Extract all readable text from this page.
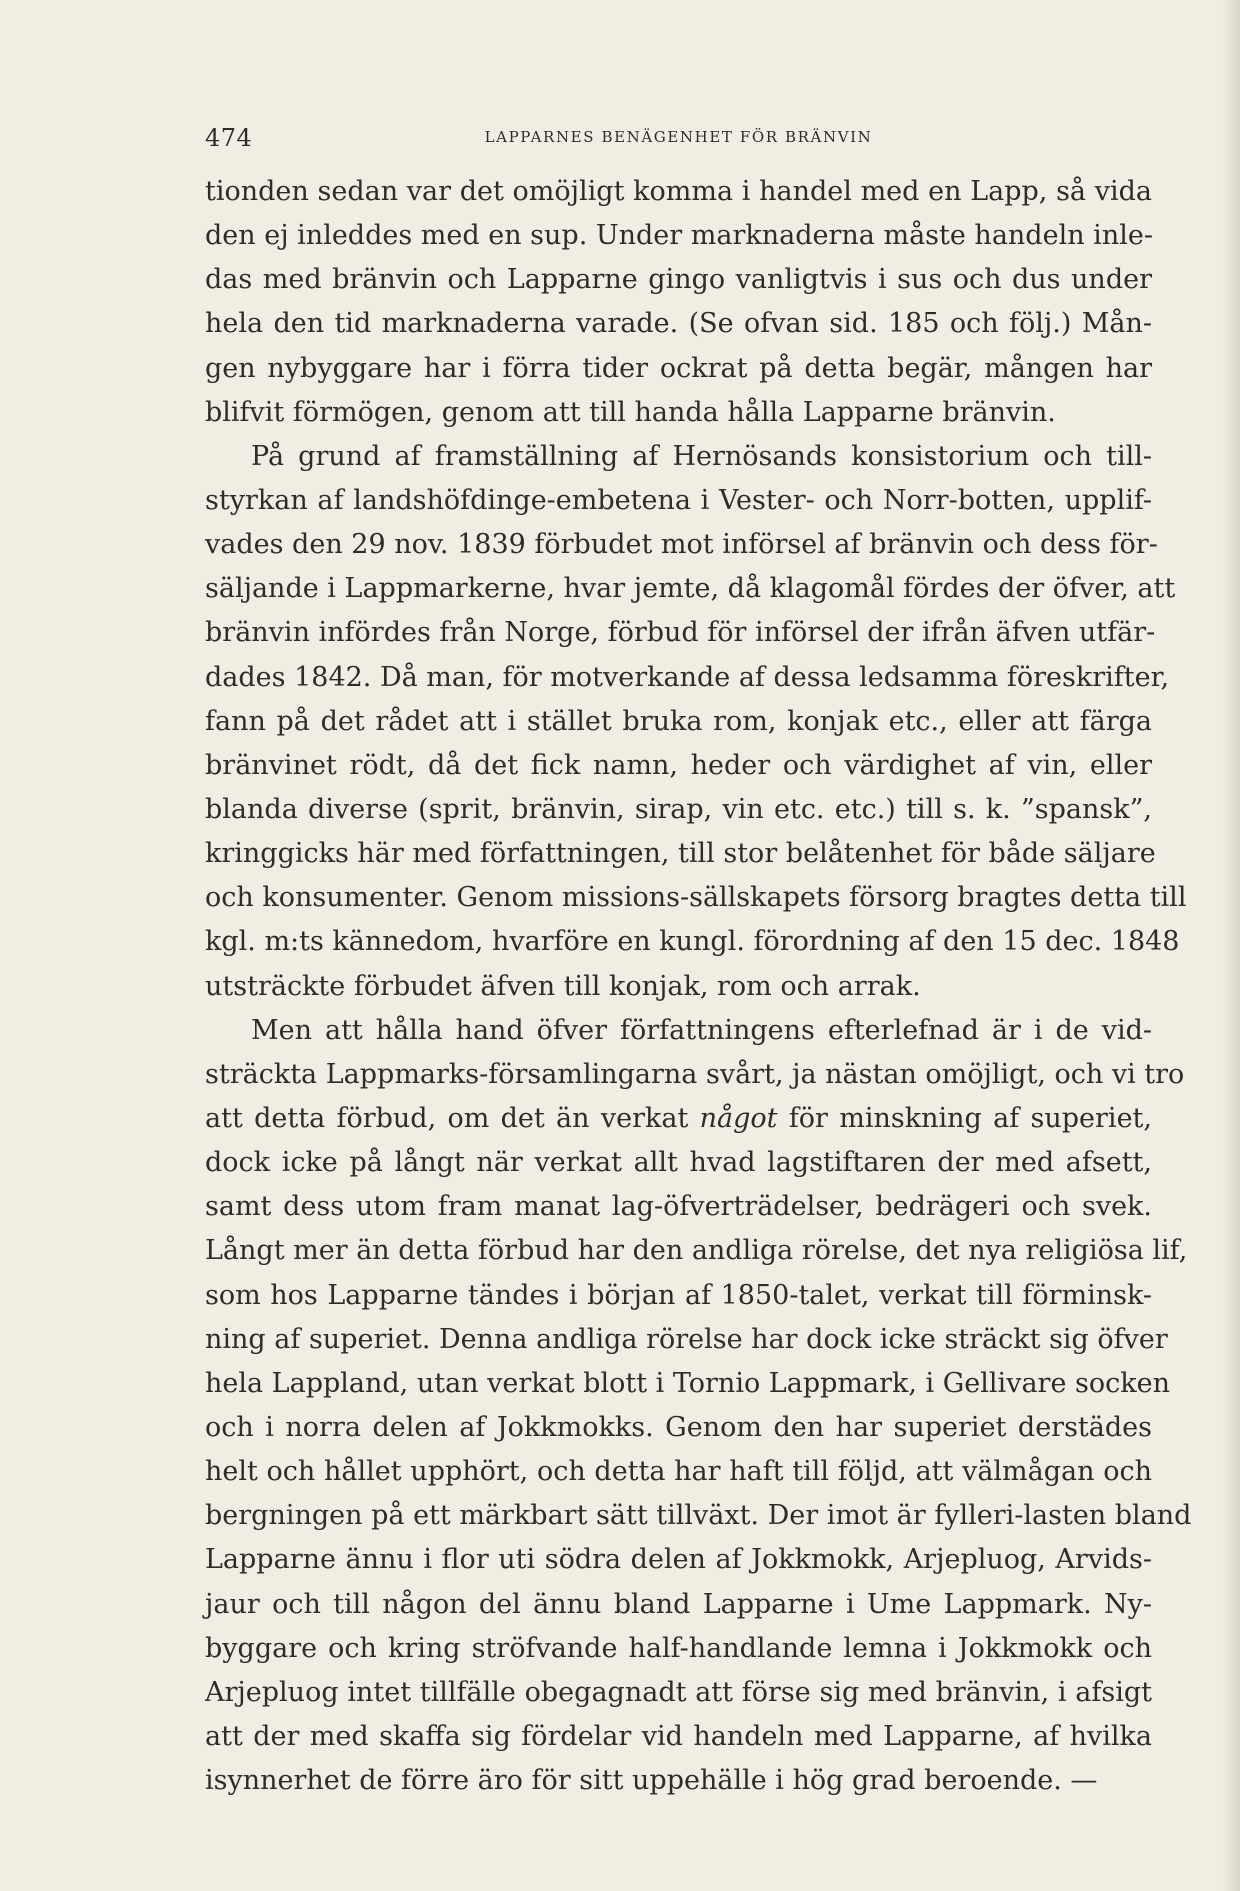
474	LAPPARNES BENÄGENHET FÖR BRÄNVIN
tionden sedan var det omöjligt komma i handel med en Lapp, så vida
den ej inleddes med en sup. Under marknaderna måste handeln inle-
das med bränvin och Lapparne gingo vanligtvis i sus och dus under
hela den tid marknaderna varade. (Se ofvan sid. 185 och följ.) Mån-
gen nybyggare har i förra tider ockrat på detta begär, mången har
blifvit förmögen, genom att till handa hålla Lapparne bränvin.
På grund af framställning af Hernösands konsistorium och till-
styrkan af landshöfdinge-embetena i Vester- och Norr-botten, upplif-
vades den 29 nov. 1839 förbudet mot införsel af bränvin och dess för-
säljande i Lappmarkerne, hvar jemte, då klagomål fördes der öfver, att
bränvin infördes från Norge, förbud för införsel der ifrån äfven utfär-
dades 1842. Då man, för motverkande af dessa ledsamma föreskrifter,
fann på det rådet att i stället bruka rom, konjak etc., eller att färga
bränvinet rödt, då det fick namn, heder och värdighet af vin, eller
blanda diverse (sprit, bränvin, sirap, vin etc. etc.) till s. k. ”spansk”,
kringgicks här med författningen, till stor belåtenhet för både säljare
och konsumenter. Genom missions-sällskapets försorg bragtes detta till
kgl. m:ts kännedom, hvarföre en kungl. förordning af den 15 dec. 1848
utsträckte förbudet äfven till konjak, rom och arrak.
Men att hålla hand öfver författningens efterlefnad är i de vid-
sträckta Lappmarks-församlingarna svårt, ja nästan omöjligt, och vi tro
att detta förbud, om det än verkat något för minskning af superiet,
dock icke på långt när verkat allt hvad lagstiftaren der med afsett,
samt dess utom fram manat lag-öfverträdelser, bedrägeri och svek.
Långt mer än detta förbud har den andliga rörelse, det nya religiösa lif,
som hos Lapparne tändes i början af 1850-talet, verkat till förminsk-
ning af superiet. Denna andliga rörelse har dock icke sträckt sig öfver
hela Lappland, utan verkat blott i Tornio Lappmark, i Gellivare socken
och i norra delen af Jokkmokks. Genom den har superiet derstädes
helt och hållet upphört, och detta har haft till följd, att välmågan och
bergningen på ett märkbart sätt tillväxt. Der imot är fylleri-lasten bland
Lapparne ännu i flor uti södra delen af Jokkmokk, Arjepluog, Arvids-
jaur och till någon del ännu bland Lapparne i Ume Lappmark. Ny-
byggare och kring ströfvande half-handlande lemna i Jokkmokk och
Arjepluog intet tillfälle obegagnadt att förse sig med bränvin, i afsigt
att der med skaffa sig fördelar vid handeln med Lapparne, af hvilka
isynnerhet de förre äro för sitt uppehälle i hög grad beroende. —
